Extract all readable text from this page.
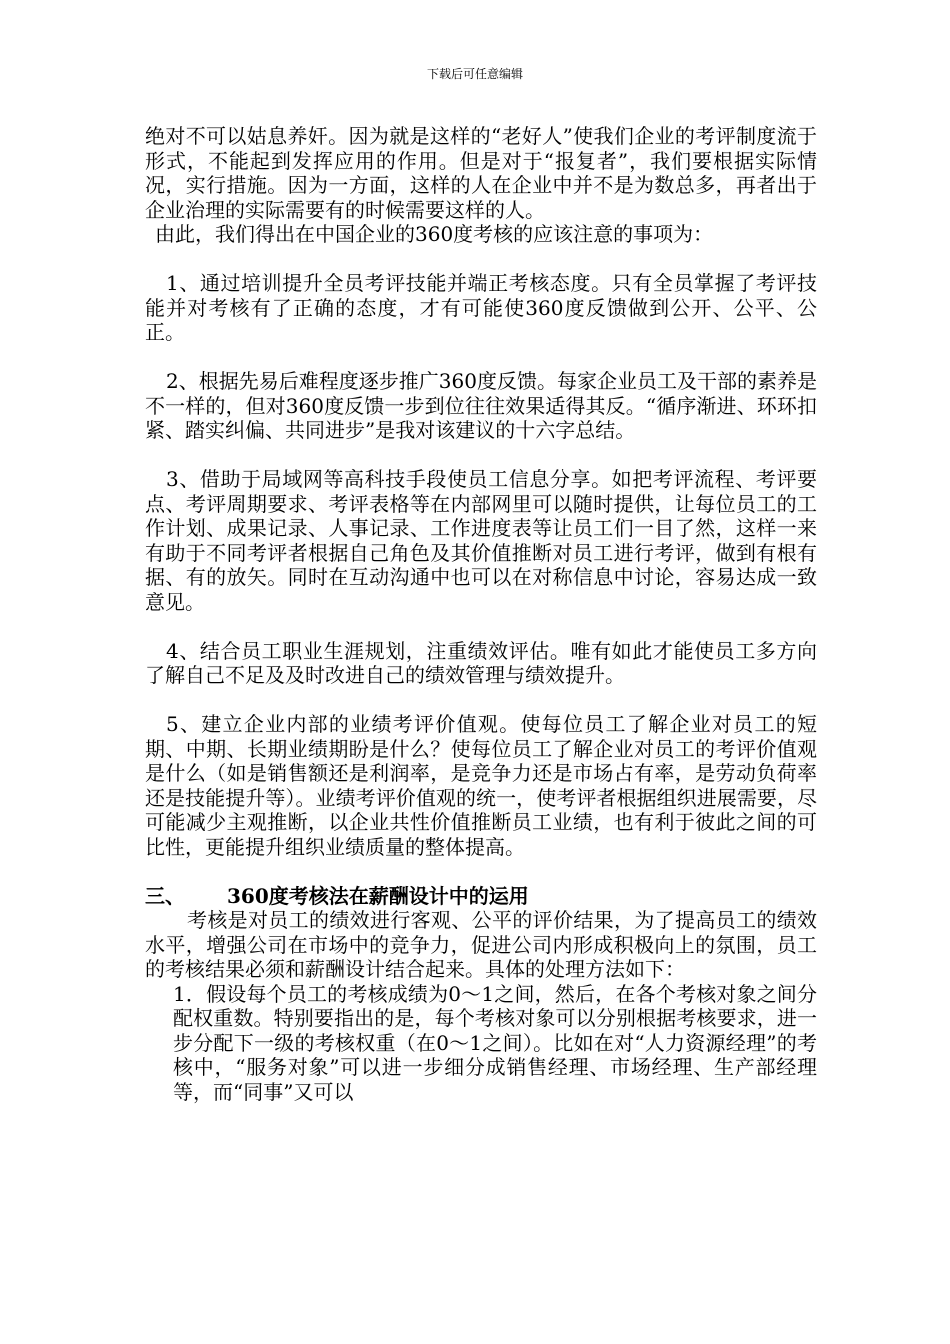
下载后可任意编辑

绝对不可以姑息养奸。因为就是这样的“老好人”使我们企业的考评制度流于形式，不能起到发挥应用的作用。但是对于“报复者”，我们要根据实际情况，实行措施。因为一方面，这样的人在企业中并不是为数总多，再者出于企业治理的实际需要有的时候需要这样的人。

由此，我们得出在中国企业的360度考核的应该注意的事项为：

1、通过培训提升全员考评技能并端正考核态度。只有全员掌握了考评技能并对考核有了正确的态度，才有可能使360度反馈做到公开、公平、公正。

2、根据先易后难程度逐步推广360度反馈。每家企业员工及干部的素养是不一样的，但对360度反馈一步到位往往效果适得其反。“循序渐进、环环扣紧、踏实纠偏、共同进步”是我对该建议的十六字总结。

3、借助于局域网等高科技手段使员工信息分享。如把考评流程、考评要点、考评周期要求、考评表格等在内部网里可以随时提供，让每位员工的工作计划、成果记录、人事记录、工作进度表等让员工们一目了然，这样一来有助于不同考评者根据自己角色及其价值推断对员工进行考评，做到有根有据、有的放矢。同时在互动沟通中也可以在对称信息中讨论，容易达成一致意见。

4、结合员工职业生涯规划，注重绩效评估。唯有如此才能使员工多方向了解自己不足及及时改进自己的绩效管理与绩效提升。

5、建立企业内部的业绩考评价值观。使每位员工了解企业对员工的短期、中期、长期业绩期盼是什么？使每位员工了解企业对员工的考评价值观是什么（如是销售额还是利润率，是竞争力还是市场占有率，是劳动负荷率还是技能提升等）。业绩考评价值观的统一，使考评者根据组织进展需要，尽可能减少主观推断，以企业共性价值推断员工业绩，也有利于彼此之间的可比性，更能提升组织业绩质量的整体提高。

三、	360度考核法在薪酬设计中的运用

考核是对员工的绩效进行客观、公平的评价结果，为了提高员工的绩效水平，增强公司在市场中的竞争力，促进公司内形成积极向上的氛围，员工的考核结果必须和薪酬设计结合起来。具体的处理方法如下：

1．假设每个员工的考核成绩为0～1之间，然后，在各个考核对象之间分配权重数。特别要指出的是，每个考核对象可以分别根据考核要求，进一步分配下一级的考核权重（在0～1之间）。比如在对“人力资源经理”的考核中，“服务对象”可以进一步细分成销售经理、市场经理、生产部经理等，而“同事”又可以
